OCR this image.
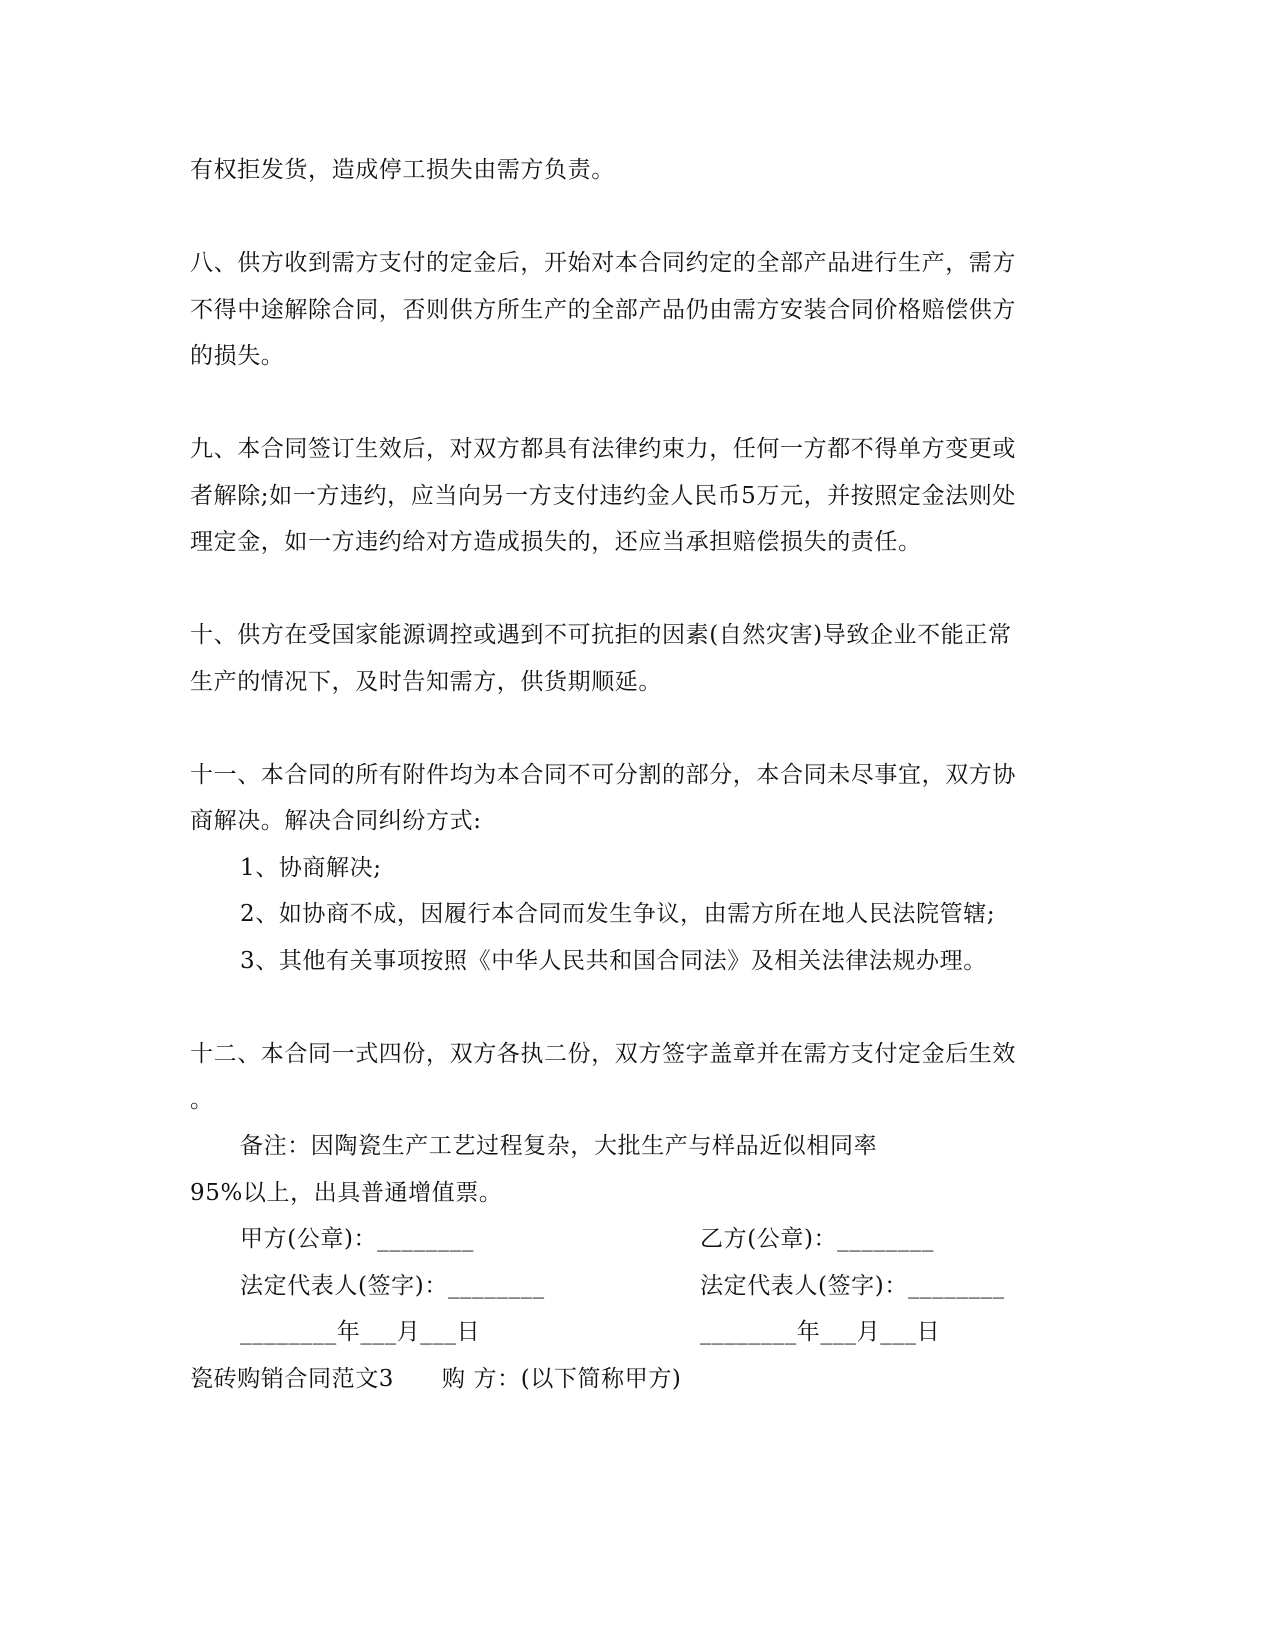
有权拒发货，造成停工损失由需方负责。
八、供方收到需方支付的定金后，开始对本合同约定的全部产品进行生产，需方
不得中途解除合同，否则供方所生产的全部产品仍由需方安装合同价格赔偿供方
的损失。
九、本合同签订生效后，对双方都具有法律约束力，任何一方都不得单方变更或
者解除;如一方违约，应当向另一方支付违约金人民币5万元，并按照定金法则处
理定金，如一方违约给对方造成损失的，还应当承担赔偿损失的责任。
十、供方在受国家能源调控或遇到不可抗拒的因素(自然灾害)导致企业不能正常
生产的情况下，及时告知需方，供货期顺延。
十一、本合同的所有附件均为本合同不可分割的部分，本合同未尽事宜，双方协
商解决。解决合同纠纷方式:
1、协商解决;
2、如协商不成，因履行本合同而发生争议，由需方所在地人民法院管辖;
3、其他有关事项按照《中华人民共和国合同法》及相关法律法规办理。
十二、本合同一式四份，双方各执二份，双方签字盖章并在需方支付定金后生效
。
备注：因陶瓷生产工艺过程复杂，大批生产与样品近似相同率
95%以上，出具普通增值票。
甲方(公章)：________	乙方(公章)：________
法定代表人(签字)：________	法定代表人(签字)：________
________年___月___日	________年___月___日
瓷砖购销合同范文3 购 方：(以下简称甲方)
